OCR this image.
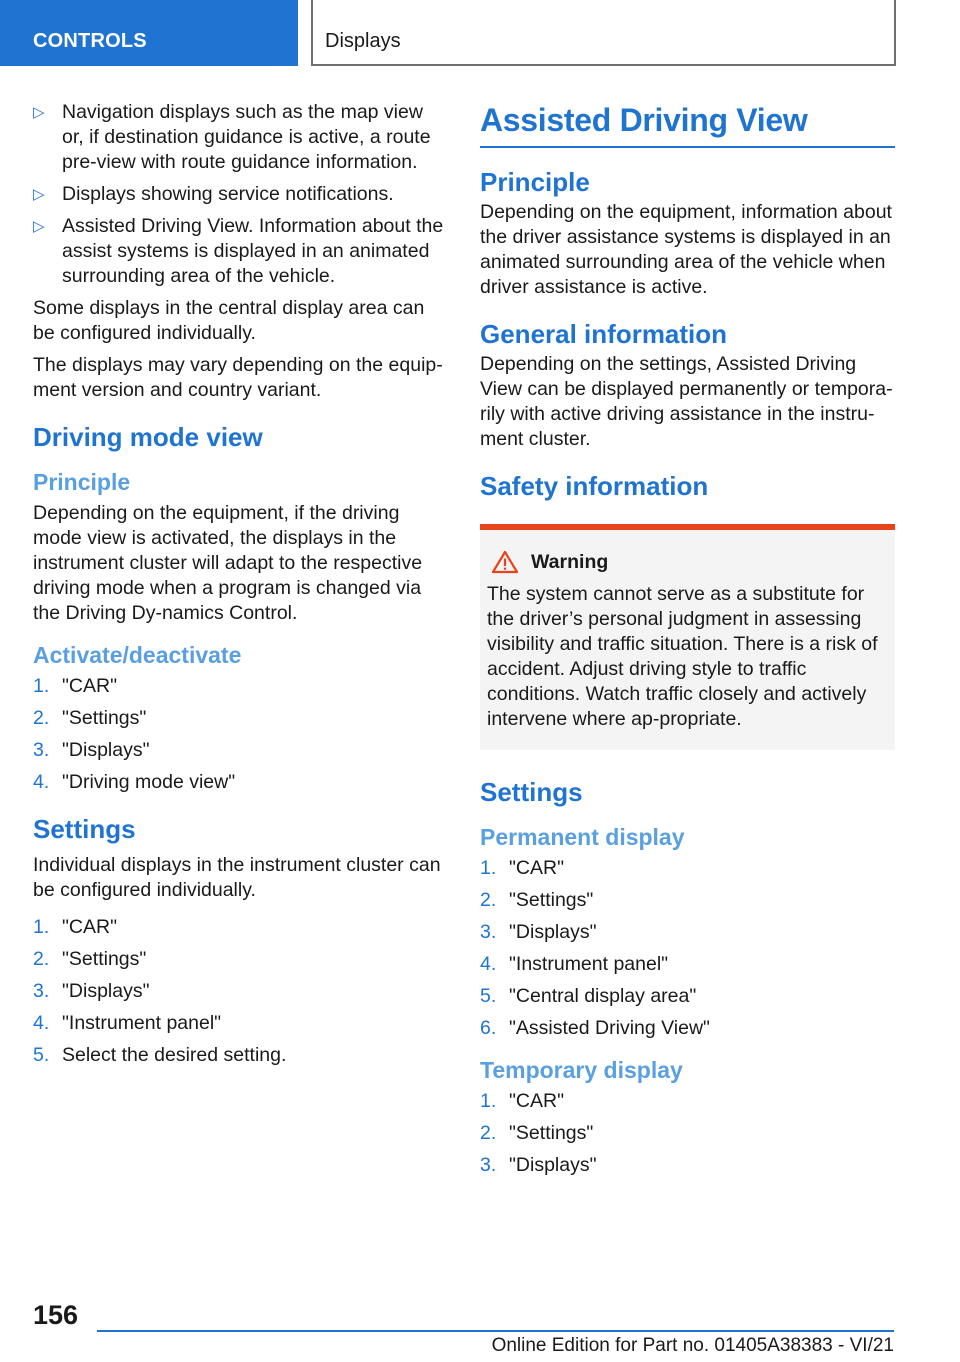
CONTROLS	Displays
▷ Navigation displays such as the map view or, if destination guidance is active, a route pre-view with route guidance information.
▷ Displays showing service notifications.
▷ Assisted Driving View. Information about the assist systems is displayed in an animated surrounding area of the vehicle.

Some displays in the central display area can be configured individually.

The displays may vary depending on the equip-ment version and country variant.

Driving mode view
Principle

Depending on the equipment, if the driving mode view is activated, the displays in the instrument cluster will adapt to the respective driving mode when a program is changed via the Driving Dy-namics Control.

Activate/deactivate
1. "CAR"
2. "Settings"
3. "Displays"
4. "Driving mode view"
Settings

Individual displays in the instrument cluster can be configured individually.

1. "CAR"
2. "Settings"
3. "Displays"
4. "Instrument panel"
5. Select the desired setting.
Assisted Driving View
Principle

Depending on the equipment, information about the driver assistance systems is displayed in an animated surrounding area of the vehicle when driver assistance is active.

General information

Depending on the settings, Assisted Driving View can be displayed permanently or tempora-rily with active driving assistance in the instru-ment cluster.

Safety information
Warning

The system cannot serve as a substitute for the driver’s personal judgment in assessing visibility and traffic situation. There is a risk of accident. Adjust driving style to traffic conditions. Watch traffic closely and actively intervene where ap-propriate.

Settings
Permanent display
1. "CAR"
2. "Settings"
3. "Displays"
4. "Instrument panel"
5. "Central display area"
6. "Assisted Driving View"
Temporary display
1. "CAR"
2. "Settings"
3. "Displays"
156
Online Edition for Part no. 01405A38383 - VI/21
